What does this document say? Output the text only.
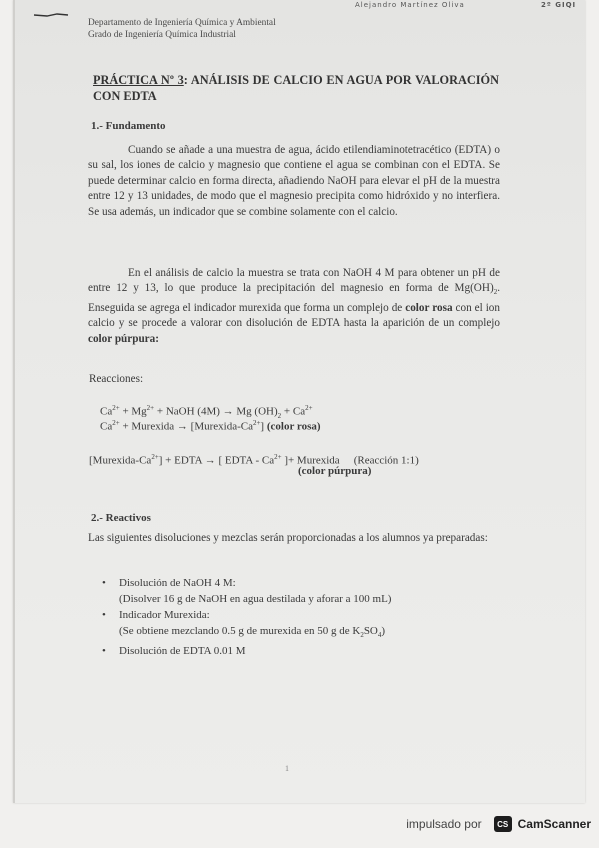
Alejandro Martínez Oliva	2º GIQI
Departamento de Ingeniería Química y Ambiental
Grado de Ingeniería Química Industrial
PRÁCTICA Nº 3: ANÁLISIS DE CALCIO EN AGUA POR VALORACIÓN CON EDTA
1.- Fundamento
Cuando se añade a una muestra de agua, ácido etilendiaminotetracético (EDTA) o su sal, los iones de calcio y magnesio que contiene el agua se combinan con el EDTA. Se puede determinar calcio en forma directa, añadiendo NaOH para elevar el pH de la muestra entre 12 y 13 unidades, de modo que el magnesio precipita como hidróxido y no interfiera. Se usa además, un indicador que se combine solamente con el calcio.
En el análisis de calcio la muestra se trata con NaOH 4 M para obtener un pH de entre 12 y 13, lo que produce la precipitación del magnesio en forma de $Mg(OH)_2$. Enseguida se agrega el indicador murexida que forma un complejo de color rosa con el ion calcio y se procede a valorar con disolución de EDTA hasta la aparición de un complejo color púrpura:
Reacciones:
$Ca^{2+} + Mg^{2+}$ + NaOH (4M) → Mg $(OH)_2 + Ca^{2+}$
$Ca^{2+}$ + Murexida → $[Murexida-Ca^{2+}]$ (color rosa)
$[Murexida-Ca^{2+}]$ + EDTA → [ EDTA - $Ca^{2+}$ ]+ Murexida (Reacción 1:1)
(color púrpura)
2.- Reactivos
Las siguientes disoluciones y mezclas serán proporcionadas a los alumnos ya preparadas:
• Disolución de NaOH 4 M:
(Disolver 16 g de NaOH en agua destilada y aforar a 100 mL)
• Indicador Murexida:
(Se obtiene mezclando 0.5 g de murexida en 50 g de $K_2SO_4$)
• Disolución de EDTA 0.01 M
1
impulsado por	CS CamScanner
